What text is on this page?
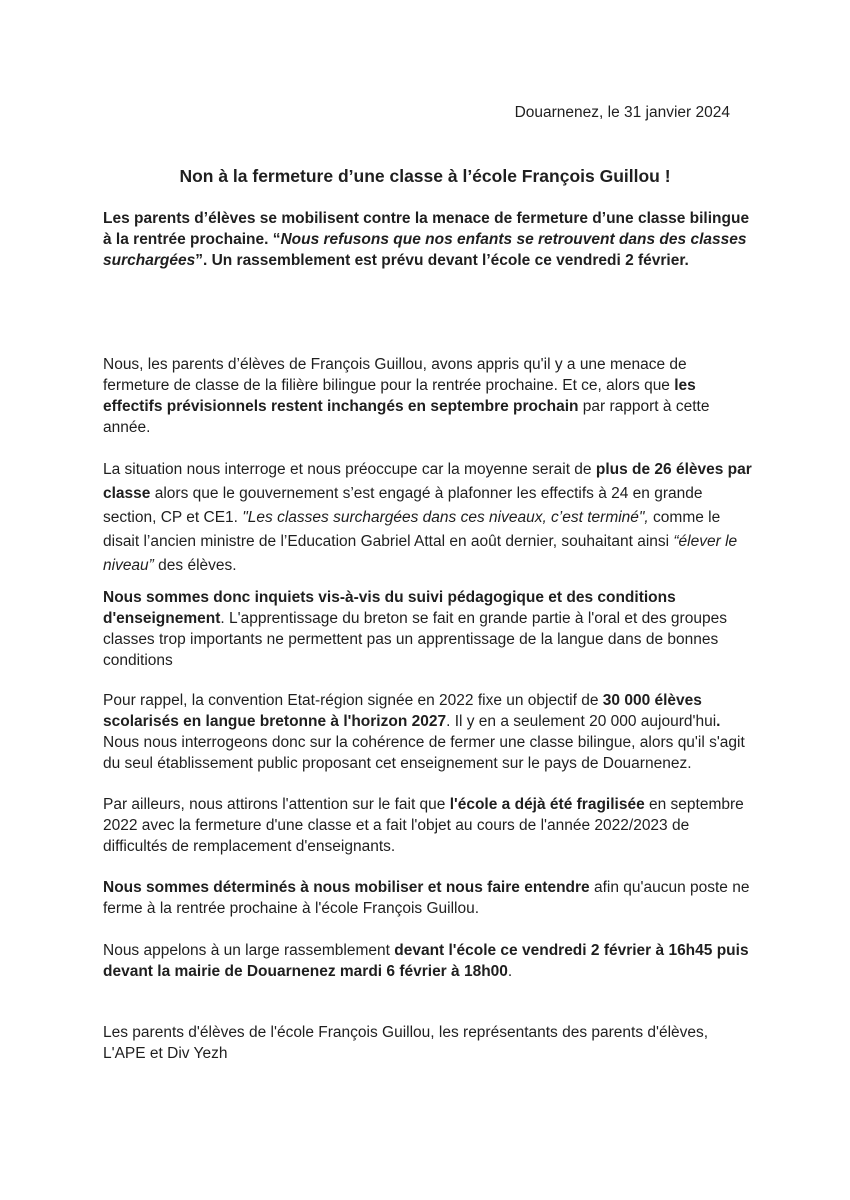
Douarnenez, le 31 janvier 2024
Non à la fermeture d’une classe à l’école François Guillou !
Les parents d’élèves se mobilisent contre la menace de fermeture d’une classe bilingue à la rentrée prochaine. “Nous refusons que nos enfants se retrouvent dans des classes surchargées”. Un rassemblement est prévu devant l’école ce vendredi 2 février.
Nous, les parents d’élèves de François Guillou, avons appris qu'il y a une menace de fermeture de classe de la filière bilingue pour la rentrée prochaine. Et ce, alors que les effectifs prévisionnels restent inchangés en septembre prochain par rapport à cette année.
La situation nous interroge et nous préoccupe car la moyenne serait de plus de 26 élèves par classe alors que le gouvernement s’est engagé à plafonner les effectifs à 24 en grande section, CP et CE1. "Les classes surchargées dans ces niveaux, c’est terminé", comme le disait l’ancien ministre de l’Education Gabriel Attal en août dernier, souhaitant ainsi “élever le niveau” des élèves.
Nous sommes donc inquiets vis-à-vis du suivi pédagogique et des conditions d'enseignement. L'apprentissage du breton se fait en grande partie à l'oral et des groupes classes trop importants ne permettent pas un apprentissage de la langue dans de bonnes conditions
Pour rappel, la convention Etat-région signée en 2022 fixe un objectif de 30 000 élèves scolarisés en langue bretonne à l'horizon 2027. Il y en a seulement 20 000 aujourd'hui. Nous nous interrogeons donc sur la cohérence de fermer une classe bilingue, alors qu'il s'agit du seul établissement public proposant cet enseignement sur le pays de Douarnenez.
Par ailleurs, nous attirons l'attention sur le fait que l'école a déjà été fragilisée en septembre 2022 avec la fermeture d'une classe et a fait l'objet au cours de l'année 2022/2023 de difficultés de remplacement d'enseignants.
Nous sommes déterminés à nous mobiliser et nous faire entendre afin qu'aucun poste ne ferme à la rentrée prochaine à l'école François Guillou.
Nous appelons à un large rassemblement devant l'école ce vendredi 2 février à 16h45 puis devant la mairie de Douarnenez mardi 6 février à 18h00.
Les parents d'élèves de l'école François Guillou, les représentants des parents d'élèves, L'APE et Div Yezh
